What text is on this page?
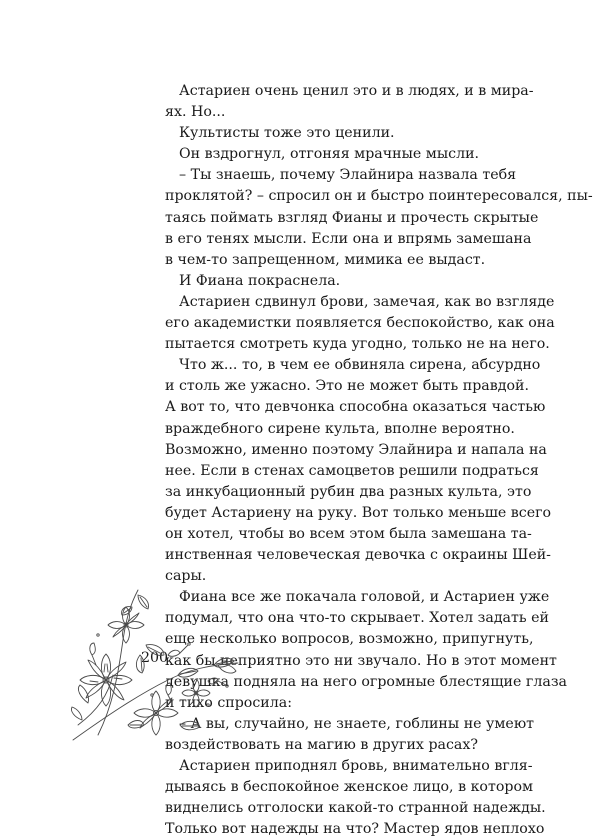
Астариен очень ценил это и в людях, и в мира-
ях. Но...
Культисты тоже это ценили.
Он вздрогнул, отгоняя мрачные мысли.
– Ты знаешь, почему Элайнира назвала тебя
проклятой? – спросил он и быстро поинтересовался, пы-
таясь поймать взгляд Фианы и прочесть скрытые
в его тенях мысли. Если она и впрямь замешана
в чем-то запрещенном, мимика ее выдаст.
И Фиана покраснела.
Астариен сдвинул брови, замечая, как во взгляде
его академистки появляется беспокойство, как она
пытается смотреть куда угодно, только не на него.
Что ж... то, в чем ее обвиняла сирена, абсурдно
и столь же ужасно. Это не может быть правдой.
А вот то, что девчонка способна оказаться частью
враждебного сирене культа, вполне вероятно.
Возможно, именно поэтому Элайнира и напала на
нее. Если в стенах самоцветов решили подраться
за инкубационный рубин два разных культа, это
будет Астариену на руку. Вот только меньше всего
он хотел, чтобы во всем этом была замешана та-
инственная человеческая девочка с окраины Шей-
сары.
Фиана все же покачала головой, и Астариен уже
подумал, что она что-то скрывает. Хотел задать ей
еще несколько вопросов, возможно, припугнуть,
как бы неприятно это ни звучало. Но в этот момент
девушка подняла на него огромные блестящие глаза
и тихо спросила:
– А вы, случайно, не знаете, гоблины не умеют
воздействовать на магию в других расах?
Астариен приподнял бровь, внимательно вгля-
дываясь в беспокойное женское лицо, в котором
виднелись отголоски какой-то странной надежды.
Только вот надежды на что? Мастер ядов неплохо
200
